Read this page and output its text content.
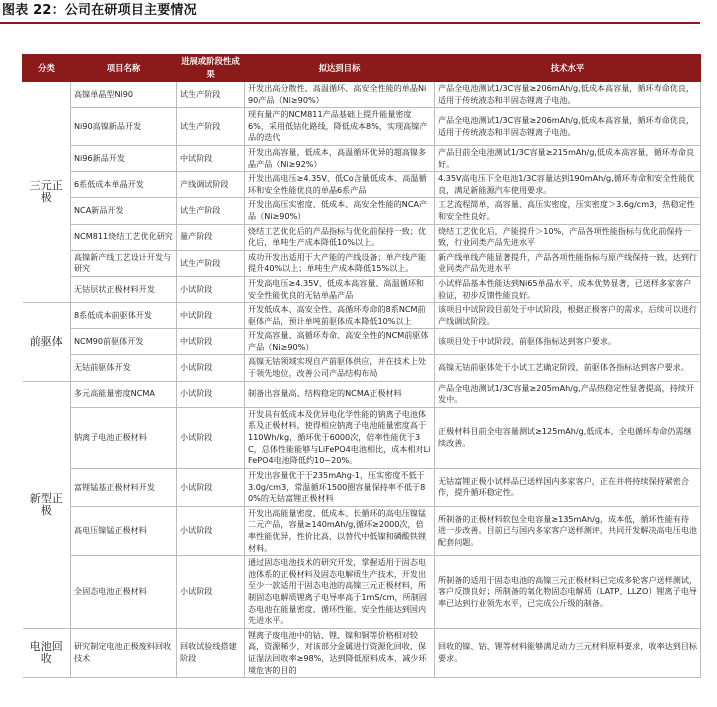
图表 22：公司在研项目主要情况
分类	项目名称	进展或阶段性成果	拟达到目标	技术水平
三元正极	高镍单晶型Ni90	试生产阶段	开发出高分散性、高温循环、高安全性能的单晶Ni90产品（Ni≥90%）	产品全电池测试1/3C容量≥206mAh/g,低成本高容量，循环寿命优良，适用于传统液态和半固态锂离子电池。
	Ni90高镍新品开发	试生产阶段	现有量产的NCM811产品基础上提升能量密度6%，采用低钴化路线，降低成本8%，实现高镍产品的迭代	产品全电池测试1/3C容量≥206mAh/g,低成本高容量，循环寿命优良，适用于传统液态和半固态锂离子电池。
	Ni96新品开发	中试阶段	开发出高容量，低成本，高温循环优异的超高镍多晶产品（Ni≥92%）	产品目前全电池测试1/3C容量≥215mAh/g,低成本高容量，循环寿命良好。
	6系低成本单晶开发	产线调试阶段	开发出高电压≥4.35V、低Co含量低成本、高温循环和安全性能优良的单晶6系产品	4.35V高电压下全电池1/3C容量达到190mAh/g,循环寿命和安全性能优良，满足新能源汽车使用要求。
	NCA新品开发	试生产阶段	开发出高压实密度、低成本、高安全性能的NCA产品（Ni≥90%）	工艺流程简单，高容量、高压实密度，压实密度＞3.6g/cm3，热稳定性和安全性良好。
	NCM811烧结工艺优化研究	量产阶段	烧结工艺优化后的产品指标与优化前保持一致；优化后，单吨生产成本降低10%以上。	烧结工艺优化后，产能提升＞10%，产品各项性能指标与优化前保持一致，行业同类产品先进水平
	高镍新产线工艺设计开发与研究	试生产阶段	成功开发出适用于大产能的产线设备；单产线产能提升40%以上；单吨生产成本降低15%以上。	新产线单线产能显著提升，产品各项性能指标与原产线保持一致，达到行业同类产品先进水平
	无钴层状正极材料开发	小试阶段	开发高电压≥4.35V、低成本高容量、高温循环和安全性能优良的无钴单晶产品	小试样品基本性能达到Ni65单晶水平，成本优势显著，已送样多家客户验证，初步反馈性能良好。
前驱体	8系低成本前驱体开发	中试阶段	开发低成本、高安全性、高循环寿命的8系NCM前驱体产品，预计单吨前驱体成本降低10%以上	该项目中试阶段目前处于中试阶段，根据正极客户的需求，后续可以进行产线调试阶段。
	NCM90前驱体开发	中试阶段	开发高容量、高循环寿命、高安全性的NCM前驱体产品（Ni≥90%）	该项目处于中试阶段，前驱体指标达到客户要求。
	无钴前驱体开发	小试阶段	高镍无钴领域实现自产前驱体供应，并在技术上处于领先地位，改善公司产品结构布局	高镍无钴前驱体处于小试工艺确定阶段，前驱体各指标达到客户要求。
新型正极	多元高能量密度NCMA	小试阶段	制备出容量高、结构稳定的NCMA正极材料	产品全电池测试1/3C容量≥205mAh/g,产品热稳定性显著提高，持续开发中。
	钠离子电池正极材料	小试阶段	开发具有低成本及优异电化学性能的钠离子电池体系及正极材料，使得相应钠离子电池能量密度高于110Wh/kg，循环优于6000次，倍率性能优于3C，总体性能能够与LiFePO4电池相比，成本相对LiFePO4电池降低约10~20%。	正极材料目前全电容量测试≥125mAh/g,低成本，全电循环寿命仍需继续改善。
	富锂锰基正极材料开发	小试阶段	开发出容量优于于235mAhg-1，压实密度不低于3.0g/cm3，常温循环1500圈容量保持率不低于80%的无钴富锂正极材料	无钴富锂正极小试样品已送样国内多家客户，正在并将持续保持紧密合作，提升循环稳定性。
	高电压镍锰正极材料	小试阶段	开发出高能量密度、低成本、长循环的高电压镍锰二元产品，容量≥140mAh/g,循环≥2000次，倍率性能优异，性价比高，以替代中低镍和磷酸铁锂材料。	所制备的正极材料软包全电容量≥135mAh/g，成本低，循环性能有待进一步改善。目前已与国内多家客户送样测评，共同开发解决高电压电池配套问题。
	全固态电池正极材料	小试阶段	通过固态电池技术的研究开发，掌握适用于固态电池体系的正极材料及固态电解质生产技术，开发出至少一款适用于固态电池的高镍三元正极材料，所制固态电解质锂离子电导率高于1mS/cm，所制固态电池在能量密度、循环性能、安全性能达到国内先进水平。	所制备的适用于固态电池的高镍三元正极材料已完成多轮客户送样测试，客户反馈良好；所制备的氧化物固态电解质（LATP、LLZO）锂离子电导率已达到行业领先水平，已完成公斤级的制备。
电池回收	研究制定电池正极废料回收技术	回收试验线搭建阶段	锂离子废电池中的钴、锂、镍和铜等价格相对较高，资源稀少，对该部分金属进行资源化回收，保证湿法回收率≥98%，达到降低原料成本，减少环境危害的目的	回收的镍、钴、锂等材料能够满足动力三元材料原料要求，收率达到目标要求。
